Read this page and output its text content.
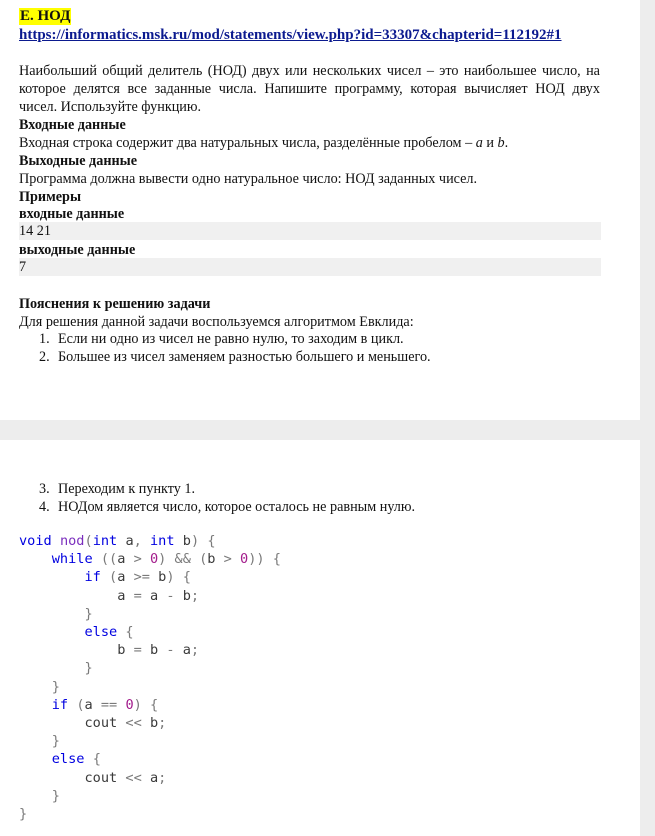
Е. НОД
https://informatics.msk.ru/mod/statements/view.php?id=33307&chapterid=112192#1
Наибольший общий делитель (НОД) двух или нескольких чисел – это наибольшее число, на которое делятся все заданные числа. Напишите программу, которая вычисляет НОД двух чисел. Используйте функцию.
Входные данные
Входная строка содержит два натуральных числа, разделённые пробелом – a и b.
Выходные данные
Программа должна вывести одно натуральное число: НОД заданных чисел.
Примеры
входные данные
14 21
выходные данные
7
Пояснения к решению задачи
Для решения данной задачи воспользуемся алгоритмом Евклида:
1. Если ни одно из чисел не равно нулю, то заходим в цикл.
2. Большее из чисел заменяем разностью большего и меньшего.
3. Переходим к пункту 1.
4. НОДом является число, которое осталось не равным нулю.
void nod(int a, int b) {
while ((a > 0) && (b > 0)) {
if (a >= b) {
a = a - b;
}
else {
b = b - a;
}
}
if (a == 0) {
cout << b;
}
else {
cout << a;
}
}
